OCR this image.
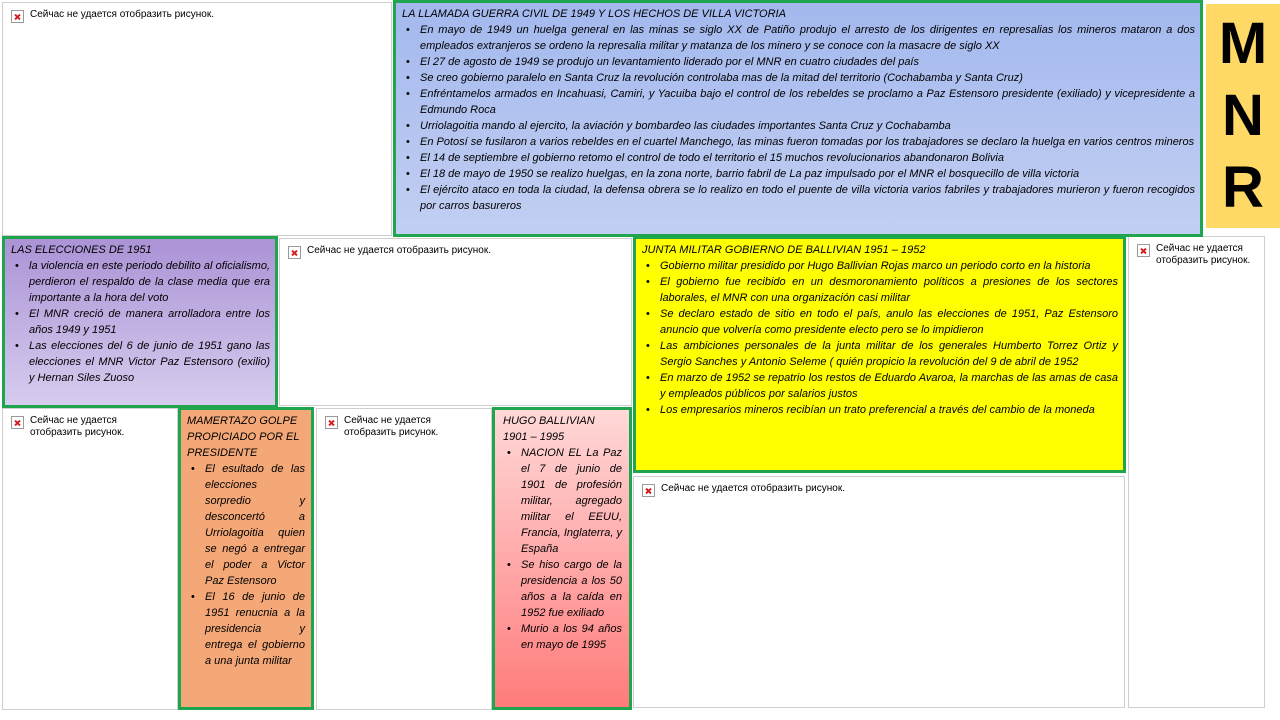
Сейчас не удается отобразить рисунок.
Сейчас не удается отобразить рисунок.	Сейчас не удается отобразить рисунок.
Сейчас не удается отобразить рисунок.
Сейчас не удается отобразить рисунок.
Сейчас не удается отобразить рисунок.
LA LLAMADA GUERRA CIVIL DE 1949 Y LOS HECHOS DE VILLA VICTORIA
• En mayo de 1949 un huelga general en las minas se siglo XX de Patiño produjo el arresto de los dirigentes en represalias los mineros mataron a dos empleados extranjeros se ordeno la represalia militar y matanza de los minero y se conoce con la masacre de siglo XX
• El 27 de agosto de 1949 se produjo un levantamiento liderado por el MNR en cuatro ciudades del país
• Se creo gobierno paralelo en Santa Cruz la revolución controlaba mas de la mitad del territorio (Cochabamba y Santa Cruz)
• Enfréntamelos armados en Incahuasi, Camiri, y Yacuiba bajo el control de los rebeldes se proclamo a Paz Estensoro presidente (exiliado) y vicepresidente a Edmundo Roca
• Urriolagoitia mando al ejercito, la aviación y bombardeo las ciudades importantes Santa Cruz y Cochabamba
• En Potosí se fusilaron a varios rebeldes en el cuartel Manchego, las minas fueron tomadas por los trabajadores se declaro la huelga en varios centros mineros
• El 14 de septiembre el gobierno retomo el control de todo el territorio el 15 muchos revolucionarios abandonaron Bolivia
• El 18 de mayo de 1950 se realizo huelgas, en la zona norte, barrio fabril de La paz impulsado por el MNR el bosquecillo de villa victoria
• El ejército ataco en toda la ciudad, la defensa obrera se lo realizo en todo el puente de villa victoria varios fabriles y trabajadores murieron y fueron recogidos por carros basureros
M
N
R
LAS ELECCIONES DE 1951
• la violencia en este periodo debilito al oficialismo, perdieron el respaldo de la clase media que era importante a la hora del voto
• El MNR creció de manera arrolladora entre los años 1949 y 1951
• Las elecciones del 6 de junio de 1951 gano las elecciones el MNR Victor Paz Estensoro (exilio) y Hernan Siles Zuoso
JUNTA MILITAR GOBIERNO DE BALLIVIAN 1951 – 1952
• Gobierno militar presidido por Hugo Ballivian Rojas marco un periodo corto en la historia
• El gobierno fue recibido en un desmoronamiento políticos a presiones de los sectores laborales, el MNR con una organización casi militar
• Se declaro estado de sitio en todo el país, anulo las elecciones de 1951, Paz Estensoro anuncio que volvería como presidente electo pero se lo impidieron
• Las ambiciones personales de la junta militar de los generales Humberto Torrez Ortiz y Sergio Sanches y Antonio Seleme ( quién propicio la revolución del 9 de abril de 1952
• En marzo de 1952 se repatrio los restos de Eduardo Avaroa, la marchas de las amas de casa y empleados públicos por salarios justos
• Los empresarios mineros recibían un trato preferencial a través del cambio de la moneda
MAMERTAZO GOLPE PROPICIADO POR EL PRESIDENTE
• El esultado de las elecciones sorpredio y desconcertó a Urriolagoitia quien se negó a entregar el poder a Victor Paz Estensoro
• El 16 de junio de 1951 renucnia a la presidencia y entrega el gobierno a una junta militar
HUGO BALLIVIAN 1901 – 1995
• NACION EL La Paz el 7 de junio de 1901 de profesión militar, agregado militar el EEUU, Francia, Inglaterra, y España
• Se hiso cargo de la presidencia a los 50 años a la caída en 1952 fue exiliado
• Murio a los 94 años en mayo de 1995
